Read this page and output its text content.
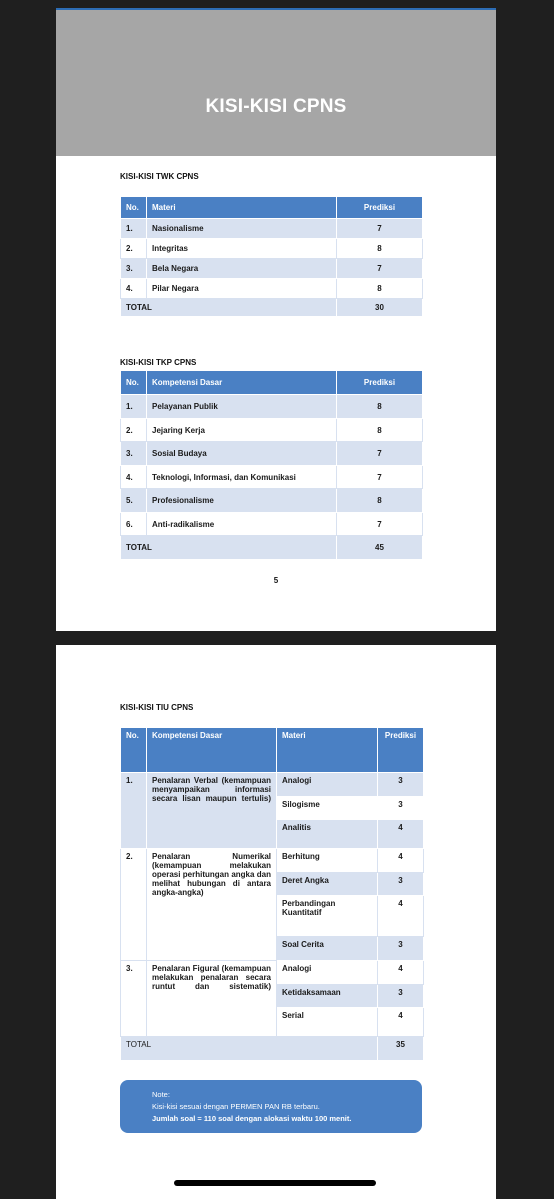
KISI-KISI CPNS
KISI-KISI TWK CPNS
No.	Materi	Prediksi
1.	Nasionalisme	7
2.	Integritas	8
3.	Bela Negara	7
4.	Pilar Negara	8
TOTAL		30
KISI-KISI TKP CPNS
No.	Kompetensi Dasar	Prediksi
1.	Pelayanan Publik	8
2.	Jejaring Kerja	8
3.	Sosial Budaya	7
4.	Teknologi, Informasi, dan Komunikasi	7
5.	Profesionalisme	8
6.	Anti-radikalisme	7
TOTAL		45
5
KISI-KISI TIU CPNS
No.	Kompetensi Dasar	Materi	Prediksi
1.	Penalaran Verbal (kemampuan menyampaikan informasi secara lisan maupun tertulis)	Analogi	3
		Silogisme	3
		Analitis	4
2.	Penalaran Numerikal (kemampuan melakukan operasi perhitungan angka dan melihat hubungan di antara angka-angka)	Berhitung	4
		Deret Angka	3
		Perbandingan Kuantitatif	4
		Soal Cerita	3
3.	Penalaran Figural (kemampuan melakukan penalaran secara runtut dan sistematik)	Analogi	4
		Ketidaksamaan	3
		Serial	4
TOTAL			35
Note:
Kisi-kisi sesuai dengan PERMEN PAN RB terbaru.
Jumlah soal = 110 soal dengan alokasi waktu 100 menit.
